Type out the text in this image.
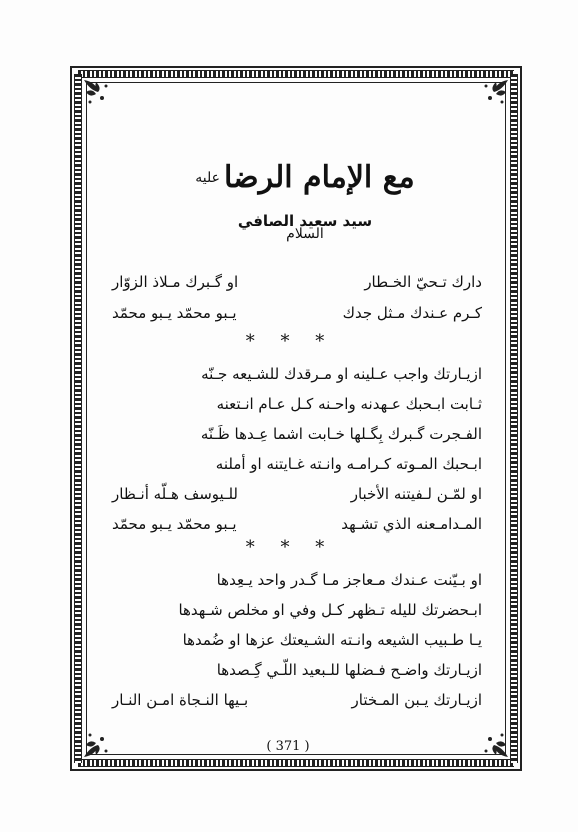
مع الإمام الرضا$^{عليه السلام}$
سيد سعيد الصافي
دارك تـحيّ الخـطار
او گـبرك مـلاذ الزوّار
كـرم عـندك مـثل جدك
يـبو محمّد يـبو محمّد
* * *
ازيـارتك واجب عـلينه او مـرقدك للشـيعه جـنّه
ثـابت ابـحبك عـهدنه واحـنه كـل عـام انـتعنه
الفـجرت گـبرك بِگـلها خـابت اشما عِـدها ظَـنّه
ابـحبك المـوته كـرامـه وانـته غـايتنه او أملنه
او لمّـن لـفيتنه الأخبار
للـيوسف هـلّه أنـظار
المـدامـعنه الذي تشـهد
يـبو محمّد يـبو محمّد
* * *
او بـيّنت عـندك مـعاجز مـا گـدر واحد يـعِدها
ابـحضرتك لليله تـظهر كـل وفي او مخلص شـهدها
يـا طـبيب الشيعه وانـته الشـيعتك عزها او ضُمدها
ازيـارتك واضـح فـضلها للـبعيد اللّـي گِـصدها
ازيـارتك يـبن المـختار
بـيها النـجاة امـن النـار
( 371 )
